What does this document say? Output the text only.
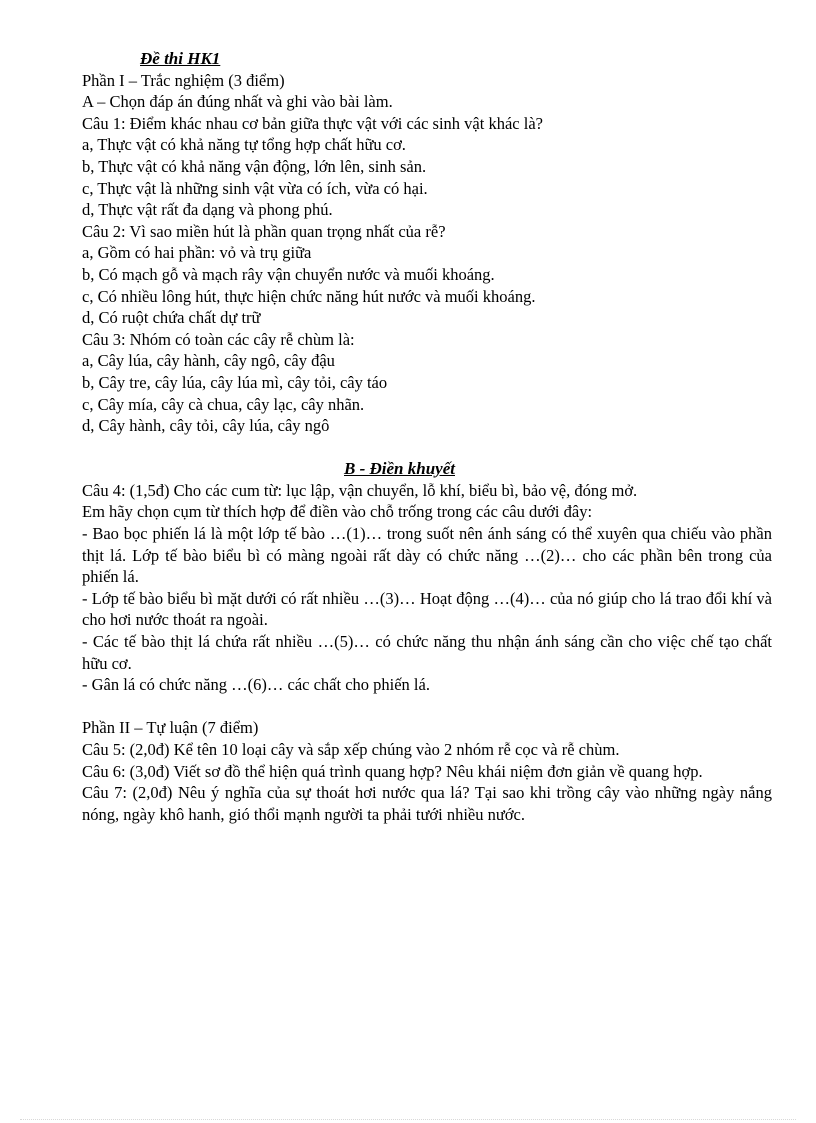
Đề thi HK1
Phần I – Trắc nghiệm (3 điểm)
A – Chọn đáp án đúng nhất và ghi vào bài làm.
Câu 1: Điểm khác nhau cơ bản giữa thực vật với các sinh vật khác là?
a, Thực vật có khả năng tự tổng hợp chất hữu cơ.
b, Thực vật có khả năng vận động, lớn lên, sinh sản.
c, Thực vật là những sinh vật vừa có ích, vừa có hại.
d, Thực vật rất đa dạng và phong phú.
Câu 2: Vì sao miền hút là phần quan trọng nhất của rễ?
a, Gồm có hai phần: vỏ và trụ giữa
b, Có mạch gỗ và mạch rây vận chuyển nước và muối khoáng.
c, Có nhiều lông hút, thực hiện chức năng hút nước và muối khoáng.
d, Có ruột chứa chất dự trữ
Câu 3: Nhóm có toàn các cây rễ chùm là:
a, Cây lúa, cây hành, cây ngô, cây đậu
b, Cây tre, cây lúa, cây lúa mì, cây tỏi, cây táo
c, Cây mía, cây cà chua, cây lạc, cây nhãn.
d, Cây hành, cây tỏi, cây lúa, cây ngô
B - Điền khuyết
Câu 4: (1,5đ) Cho các cum từ: lục lập, vận chuyển, lỗ khí, biểu bì, bảo vệ, đóng mở.
Em hãy chọn cụm từ thích hợp để điền vào chỗ trống trong các câu dưới đây:
- Bao bọc phiến lá là một lớp tế bào …(1)… trong suốt nên ánh sáng có thể xuyên qua chiếu vào phần thịt lá. Lớp tế bào biểu bì có màng ngoài rất dày có chức năng …(2)… cho các phần bên trong của phiến lá.
- Lớp tế bào biểu bì mặt dưới có rất nhiều …(3)… Hoạt động …(4)… của nó giúp cho lá trao đổi khí và cho hơi nước thoát ra ngoài.
- Các tế bào thịt lá chứa rất nhiều …(5)… có chức năng thu nhận ánh sáng cần cho việc chế tạo chất hữu cơ.
- Gân lá có chức năng …(6)… các chất cho phiến lá.
Phần II – Tự luận (7 điểm)
Câu 5: (2,0đ) Kể tên 10 loại cây và sắp xếp chúng vào 2 nhóm rễ cọc và rễ chùm.
Câu 6: (3,0đ) Viết sơ đồ thể hiện quá trình quang hợp? Nêu khái niệm đơn giản về quang hợp.
Câu 7: (2,0đ) Nêu ý nghĩa của sự thoát hơi nước qua lá? Tại sao khi trồng cây vào những ngày nắng nóng, ngày khô hanh, gió thổi mạnh người ta phải tưới nhiều nước.
